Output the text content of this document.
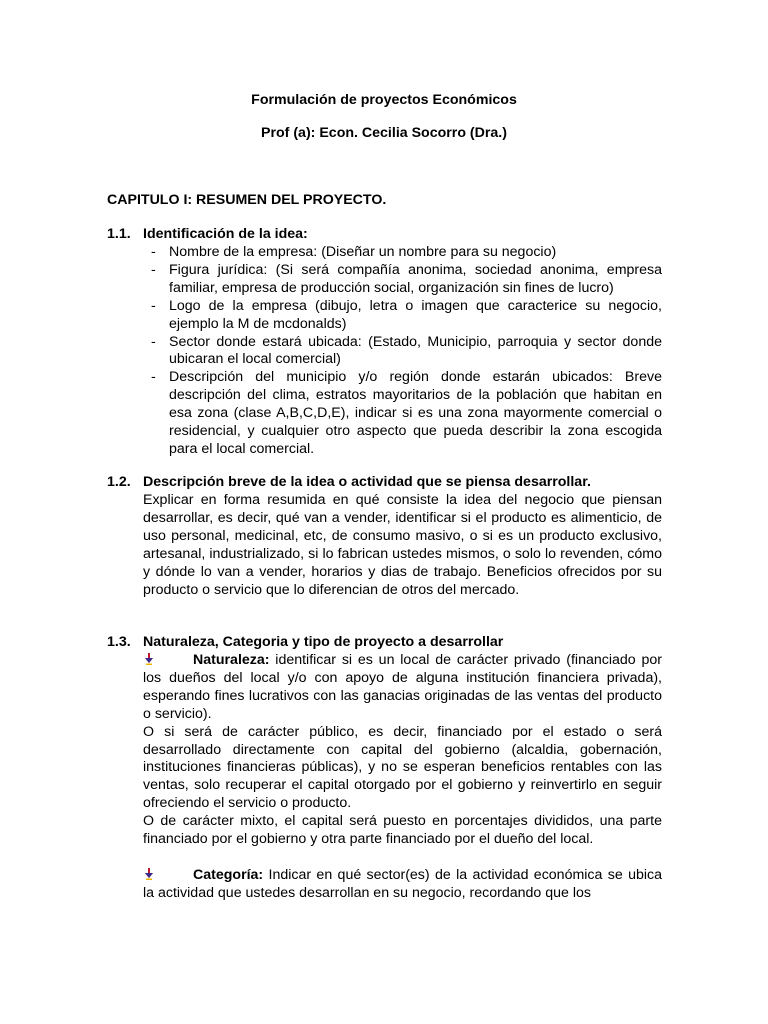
Formulación de proyectos Económicos
Prof (a): Econ. Cecilia Socorro (Dra.)
CAPITULO I: RESUMEN DEL PROYECTO.
1.1. Identificación de la idea:
- Nombre de la empresa: (Diseñar un nombre para su negocio)
- Figura jurídica: (Si será compañía anonima, sociedad anonima, empresa familiar, empresa de producción social, organización sin fines de lucro)
- Logo de la empresa (dibujo, letra o imagen que caracterice su negocio, ejemplo la M de mcdonalds)
- Sector donde estará ubicada: (Estado, Municipio, parroquia y sector donde ubicaran el local comercial)
- Descripción del municipio y/o región donde estarán ubicados: Breve descripción del clima, estratos mayoritarios de la población que habitan en esa zona (clase A,B,C,D,E), indicar si es una zona mayormente comercial o residencial, y cualquier otro aspecto que pueda describir la zona escogida para el local comercial.
1.2. Descripción breve de la idea o actividad que se piensa desarrollar.

Explicar en forma resumida en qué consiste la idea del negocio que piensan desarrollar, es decir, qué van a vender, identificar si el producto es alimenticio, de uso personal, medicinal, etc, de consumo masivo, o si es un producto exclusivo, artesanal, industrializado, si lo fabrican ustedes mismos, o solo lo revenden, cómo y dónde lo van a vender, horarios y dias de trabajo. Beneficios ofrecidos por su producto o servicio que lo diferencian de otros del mercado.

1.3. Naturaleza, Categoria y tipo de proyecto a desarrollar

Naturaleza: identificar si es un local de carácter privado (financiado por los dueños del local y/o con apoyo de alguna institución financiera privada), esperando fines lucrativos con las ganacias originadas de las ventas del producto o servicio).

O si será de carácter público, es decir, financiado por el estado o será desarrollado directamente con capital del gobierno (alcaldia, gobernación, instituciones financieras públicas), y no se esperan beneficios rentables con las ventas, solo recuperar el capital otorgado por el gobierno y reinvertirlo en seguir ofreciendo el servicio o producto.

O de carácter mixto, el capital será puesto en porcentajes divididos, una parte financiado por el gobierno y otra parte financiado por el dueño del local.

Categoría: Indicar en qué sector(es) de la actividad económica se ubica la actividad que ustedes desarrollan en su negocio, recordando que los
